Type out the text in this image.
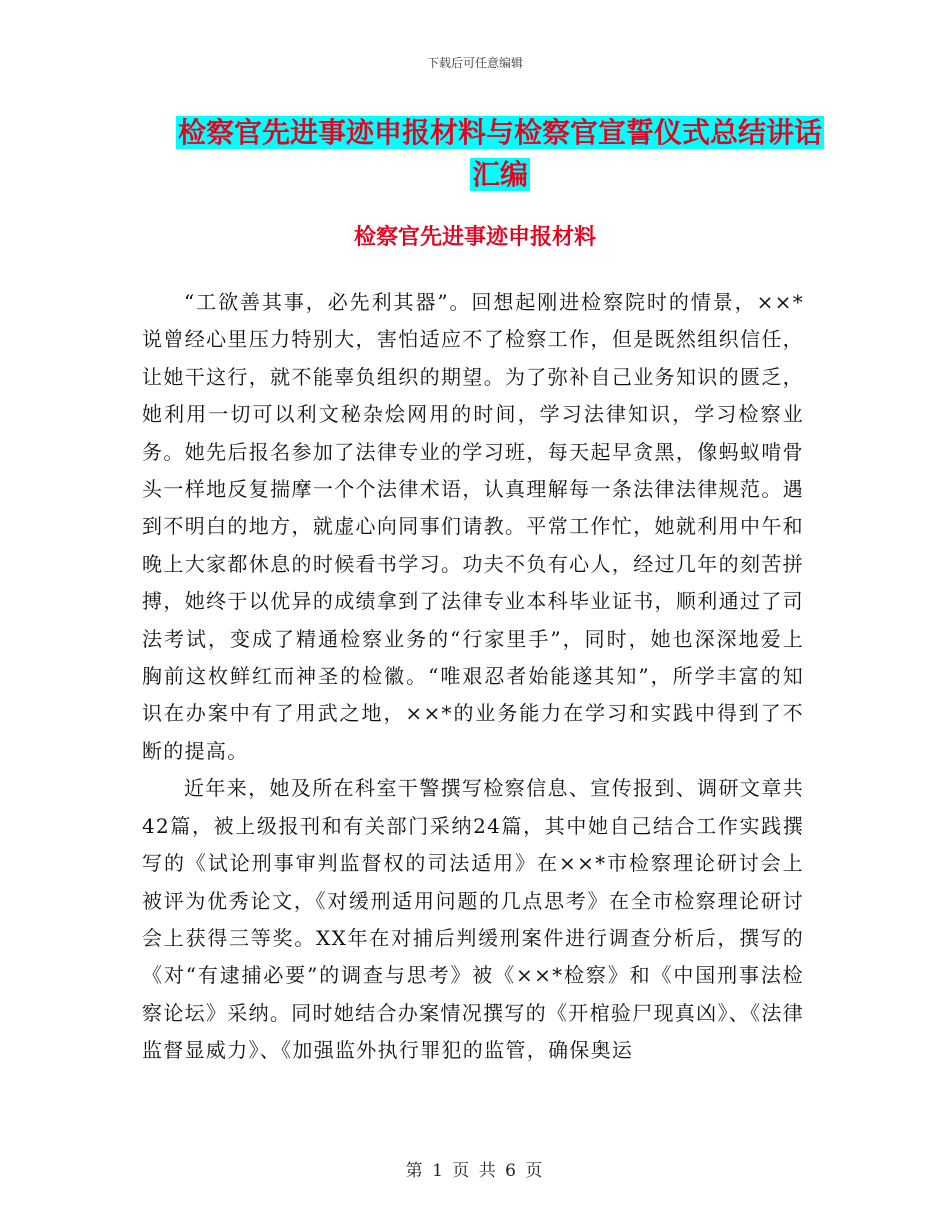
下载后可任意编辑
检察官先进事迹申报材料与检察官宣誓仪式总结讲话
汇编
检察官先进事迹申报材料

“工欲善其事，必先利其器”。回想起刚进检察院时的情景，××*说曾经心里压力特别大，害怕适应不了检察工作，但是既然组织信任，让她干这行，就不能辜负组织的期望。为了弥补自己业务知识的匮乏，她利用一切可以利文秘杂烩网用的时间，学习法律知识，学习检察业务。她先后报名参加了法律专业的学习班，每天起早贪黑，像蚂蚁啃骨头一样地反复揣摩一个个法律术语，认真理解每一条法律法律规范。遇到不明白的地方，就虚心向同事们请教。平常工作忙，她就利用中午和晚上大家都休息的时候看书学习。功夫不负有心人，经过几年的刻苦拼搏，她终于以优异的成绩拿到了法律专业本科毕业证书，顺利通过了司法考试，变成了精通检察业务的“行家里手”，同时，她也深深地爱上胸前这枚鲜红而神圣的检徽。“唯艰忍者始能遂其知”，所学丰富的知识在办案中有了用武之地，××*的业务能力在学习和实践中得到了不断的提高。

近年来，她及所在科室干警撰写检察信息、宣传报到、调研文章共42篇，被上级报刊和有关部门采纳24篇，其中她自己结合工作实践撰写的《试论刑事审判监督权的司法适用》在××*市检察理论研讨会上被评为优秀论文，《对缓刑适用问题的几点思考》在全市检察理论研讨会上获得三等奖。XX年在对捕后判缓刑案件进行调查分析后，撰写的《对“有逮捕必要”的调查与思考》被《××*检察》和《中国刑事法检察论坛》采纳。同时她结合办案情况撰写的《开棺验尸现真凶》、《法律监督显威力》、《加强监外执行罪犯的监管，确保奥运

第 1 页 共 6 页
